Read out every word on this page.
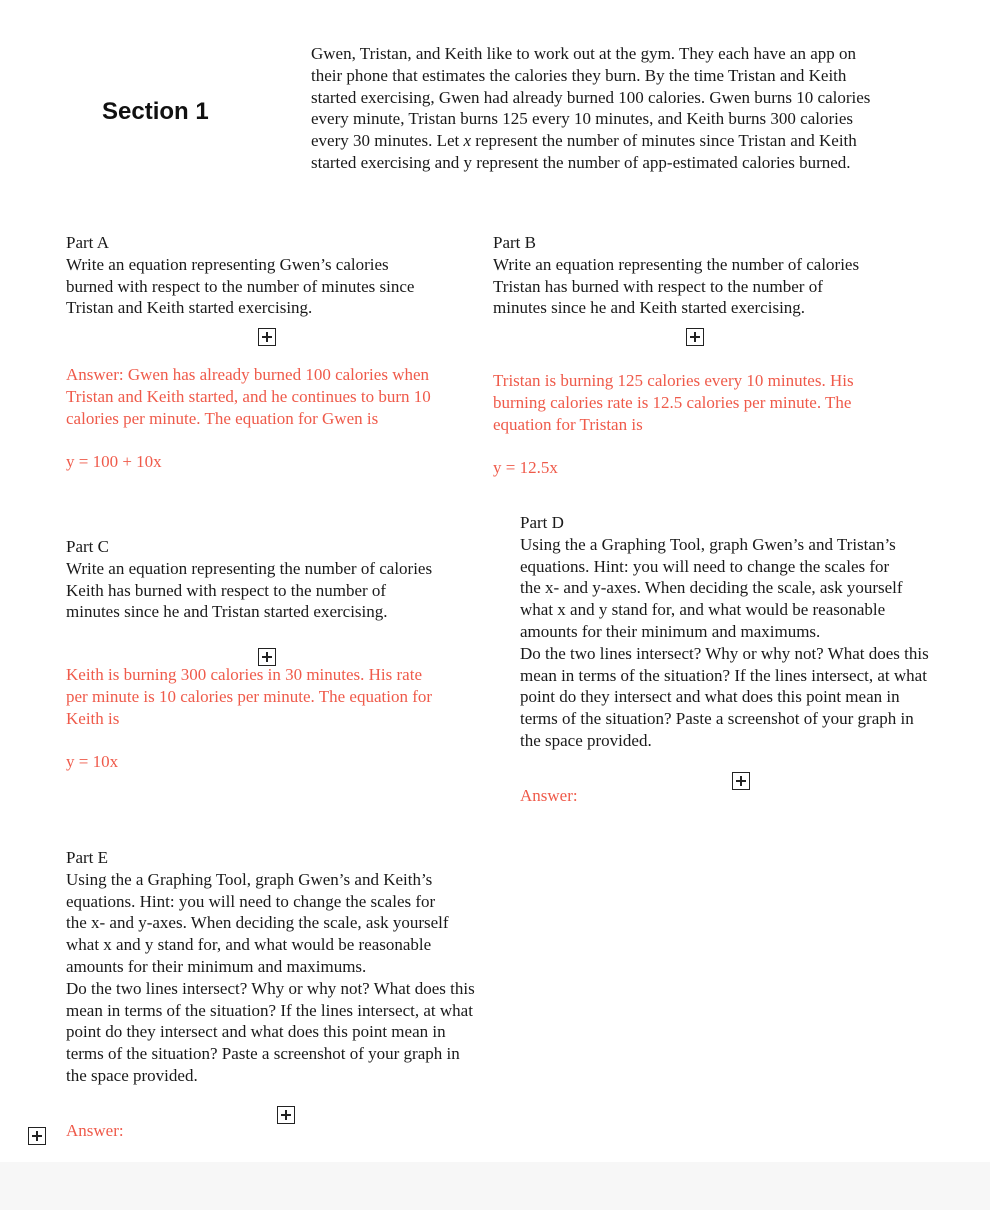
Section 1

Gwen, Tristan, and Keith like to work out at the gym. They each have an app on

their phone that estimates the calories they burn. By the time Tristan and Keith

started exercising, Gwen had already burned 100 calories. Gwen burns 10 calories

every minute, Tristan burns 125 every 10 minutes, and Keith burns 300 calories

every 30 minutes. Let x represent the number of minutes since Tristan and Keith

started exercising and y represent the number of app-estimated calories burned.

Part A

Write an equation representing Gwen’s calories

burned with respect to the number of minutes since

Tristan and Keith started exercising.

Answer: Gwen has already burned 100 calories when

Tristan and Keith started, and he continues to burn 10

calories per minute. The equation for Gwen is

y = 100 + 10x

Part B

Write an equation representing the number of calories

Tristan has burned with respect to the number of

minutes since he and Keith started exercising.

Tristan is burning 125 calories every 10 minutes. His

burning calories rate is 12.5 calories per minute. The

equation for Tristan is

y = 12.5x

Part C

Write an equation representing the number of calories

Keith has burned with respect to the number of

minutes since he and Tristan started exercising.

Keith is burning 300 calories in 30 minutes. His rate

per minute is 10 calories per minute. The equation for

Keith is

y = 10x

Part D

Using the a Graphing Tool, graph Gwen’s and Tristan’s

equations. Hint: you will need to change the scales for

the x- and y-axes. When deciding the scale, ask yourself

what x and y stand for, and what would be reasonable

amounts for their minimum and maximums.

Do the two lines intersect? Why or why not? What does this

mean in terms of the situation? If the lines intersect, at what

point do they intersect and what does this point mean in

terms of the situation? Paste a screenshot of your graph in

the space provided.

Answer:

Part E

Using the a Graphing Tool, graph Gwen’s and Keith’s

equations. Hint: you will need to change the scales for

the x- and y-axes. When deciding the scale, ask yourself

what x and y stand for, and what would be reasonable

amounts for their minimum and maximums.

Do the two lines intersect? Why or why not? What does this

mean in terms of the situation? If the lines intersect, at what

point do they intersect and what does this point mean in

terms of the situation? Paste a screenshot of your graph in

the space provided.

Answer:
